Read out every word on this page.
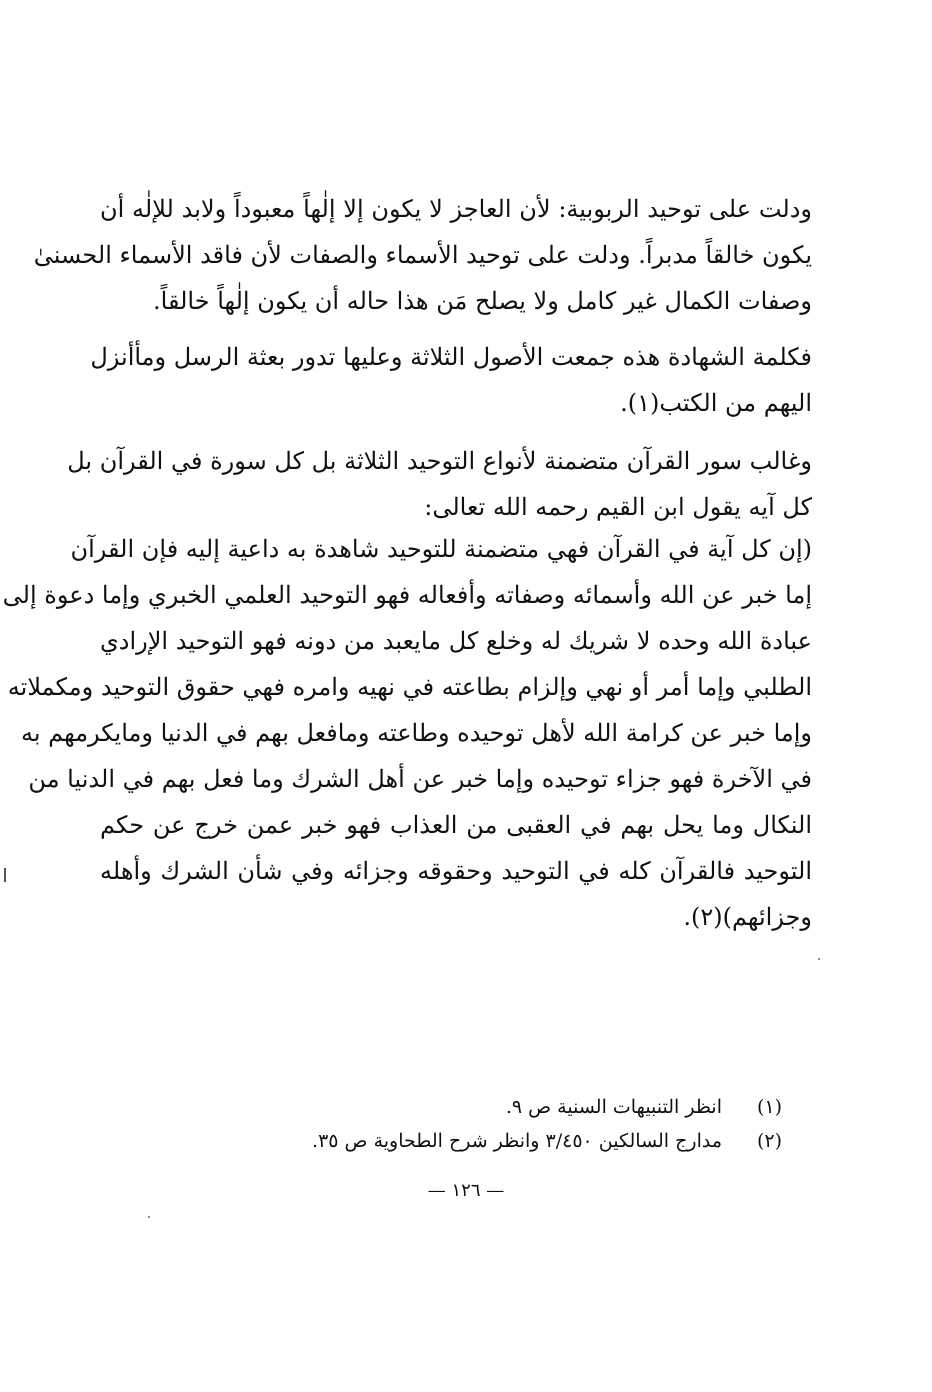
ودلت على توحيد الربوبية: لأن العاجز لا يكون إلا إلٰهاً معبوداً ولابد للإلٰه أن
يكون خالقاً مدبراً. ودلت على توحيد الأسماء والصفات لأن فاقد الأسماء الحسنىٰ
وصفات الكمال غير كامل ولا يصلح مَن هذا حاله أن يكون إلٰهاً خالقاً.
فكلمة الشهادة هذه جمعت الأصول الثلاثة وعليها تدور بعثة الرسل ومأأنزل
اليهم من الكتب(١).
وغالب سور القرآن متضمنة لأنواع التوحيد الثلاثة بل كل سورة في القرآن بل
كل آيه يقول ابن القيم رحمه الله تعالى:
(إن كل آية في القرآن فهي متضمنة للتوحيد شاهدة به داعية إليه فإن القرآن
إما خبر عن الله وأسمائه وصفاته وأفعاله فهو التوحيد العلمي الخبري وإما دعوة إلى
عبادة الله وحده لا شريك له وخلع كل مايعبد من دونه فهو التوحيد الإرادي
الطلبي وإما أمر أو نهي وإلزام بطاعته في نهيه وامره فهي حقوق التوحيد ومكملاته
وإما خبر عن كرامة الله لأهل توحيده وطاعته ومافعل بهم في الدنيا ومايكرمهم به
في الآخرة فهو جزاء توحيده وإما خبر عن أهل الشرك وما فعل بهم في الدنيا من
النكال وما يحل بهم في العقبى من العذاب فهو خبر عمن خرج عن حكم
التوحيد فالقرآن كله في التوحيد وحقوقه وجزائه وفي شأن الشرك وأهله
وجزائهم)(٢).
(١)
انظر التنبيهات السنية ص ٩.
(٢)
مدارج السالكين ٣/٤٥٠ وانظر شرح الطحاوية ص ٣٥.
— ١٢٦ —
